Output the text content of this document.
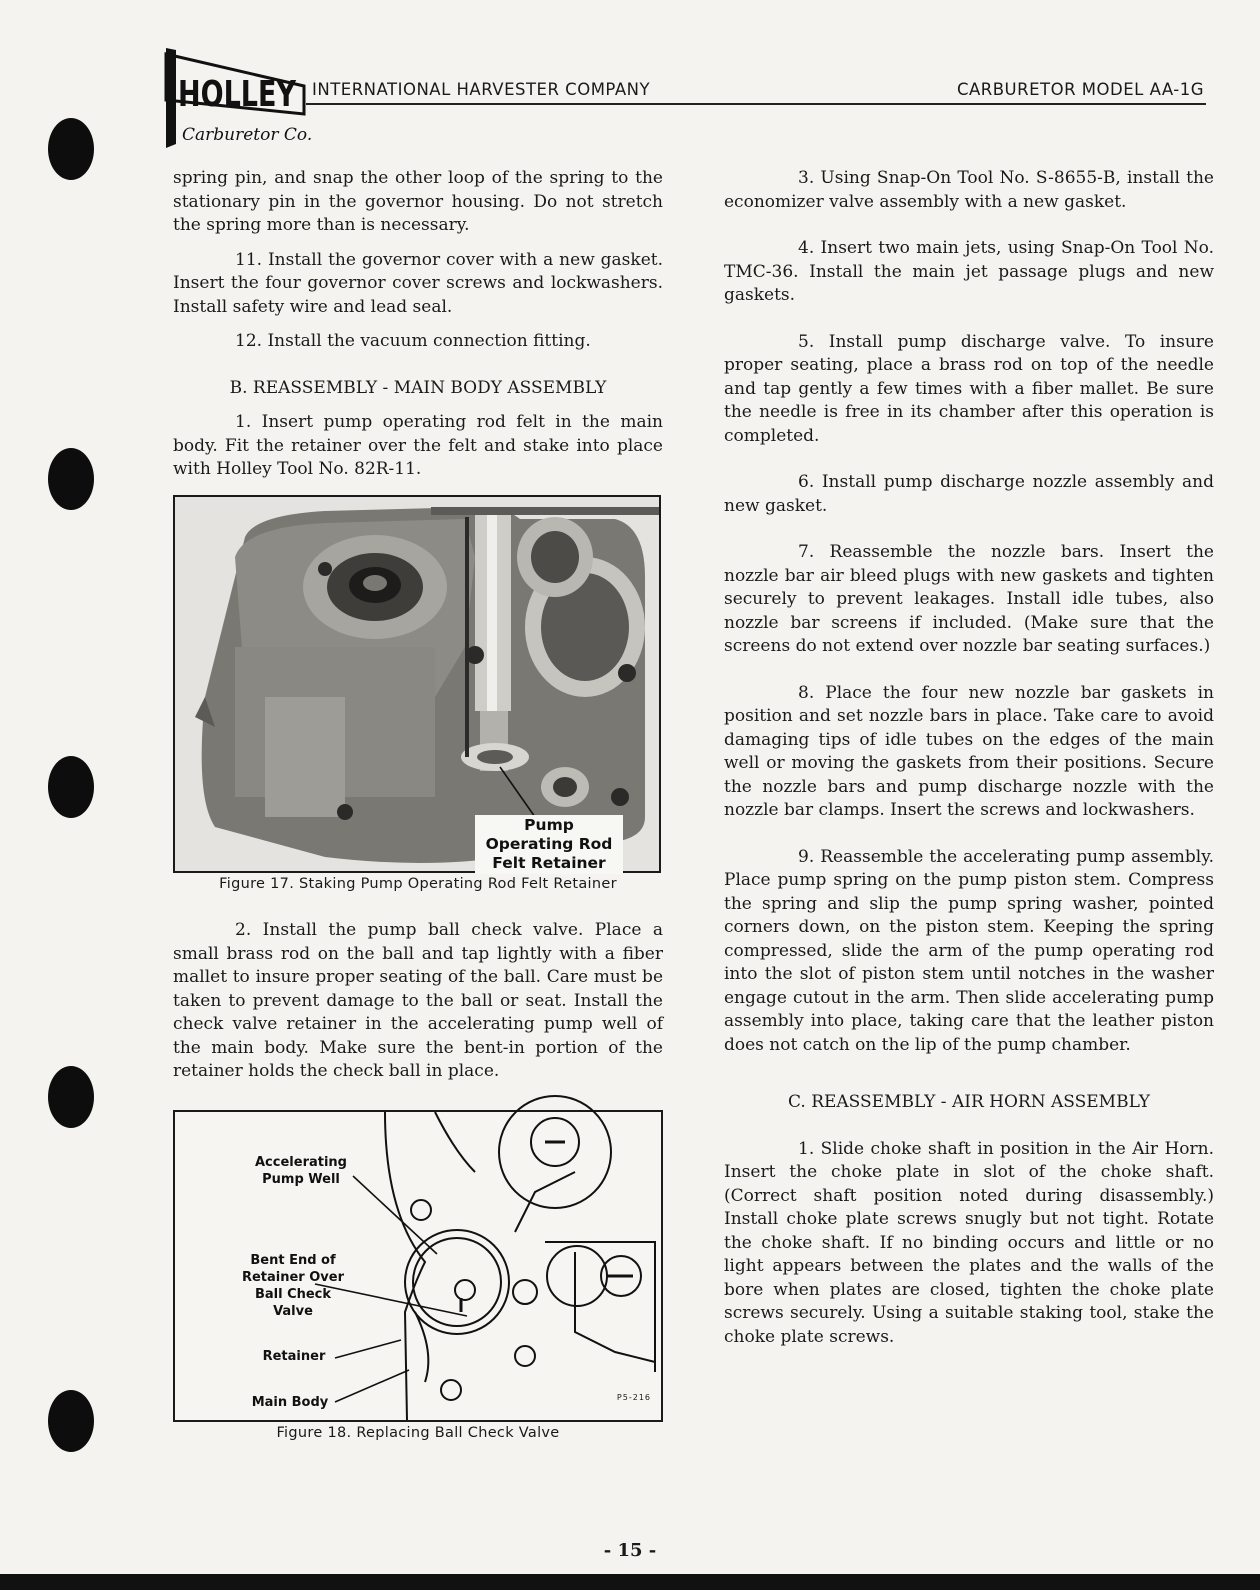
HOLLEY
Carburetor Co.
INTERNATIONAL HARVESTER COMPANY	CARBURETOR MODEL AA-1G

spring pin, and snap the other loop of the spring to the stationary pin in the governor housing. Do not stretch the spring more than is necessary.

11. Install the governor cover with a new gasket. Insert the four governor cover screws and lockwashers. Install safety wire and lead seal.

12. Install the vacuum connection fitting.

B. REASSEMBLY - MAIN BODY ASSEMBLY

1. Insert pump operating rod felt in the main body. Fit the retainer over the felt and stake into place with Holley Tool No. 82R-11.

Pump Operating Rod Felt Retainer

Figure 17. Staking Pump Operating Rod Felt Retainer

2. Install the pump ball check valve. Place a small brass rod on the ball and tap lightly with a fiber mallet to insure proper seating of the ball. Care must be taken to prevent damage to the ball or seat. Install the check valve retainer in the accelerating pump well of the main body. Make sure the bent-in portion of the retainer holds the check ball in place.

Accelerating Pump Well
Bent End of Retainer Over Ball Check Valve
Retainer
Main Body	P5-216

Figure 18. Replacing Ball Check Valve

3. Using Snap-On Tool No. S-8655-B, install the economizer valve assembly with a new gasket.

4. Insert two main jets, using Snap-On Tool No. TMC-36. Install the main jet passage plugs and new gaskets.

5. Install pump discharge valve. To insure proper seating, place a brass rod on top of the needle and tap gently a few times with a fiber mallet. Be sure the needle is free in its chamber after this operation is completed.

6. Install pump discharge nozzle assembly and new gasket.

7. Reassemble the nozzle bars. Insert the nozzle bar air bleed plugs with new gaskets and tighten securely to prevent leakages. Install idle tubes, also nozzle bar screens if included. (Make sure that the screens do not extend over nozzle bar seating surfaces.)

8. Place the four new nozzle bar gaskets in position and set nozzle bars in place. Take care to avoid damaging tips of idle tubes on the edges of the main well or moving the gaskets from their positions. Secure the nozzle bars and pump discharge nozzle with the nozzle bar clamps. Insert the screws and lockwashers.

9. Reassemble the accelerating pump assembly. Place pump spring on the pump piston stem. Compress the spring and slip the pump spring washer, pointed corners down, on the piston stem. Keeping the spring compressed, slide the arm of the pump operating rod into the slot of piston stem until notches in the washer engage cutout in the arm. Then slide accelerating pump assembly into place, taking care that the leather piston does not catch on the lip of the pump chamber.

C. REASSEMBLY - AIR HORN ASSEMBLY

1. Slide choke shaft in position in the Air Horn. Insert the choke plate in slot of the choke shaft. (Correct shaft position noted during disassembly.) Install choke plate screws snugly but not tight. Rotate the choke shaft. If no binding occurs and little or no light appears between the plates and the walls of the bore when plates are closed, tighten the choke plate screws securely. Using a suitable staking tool, stake the choke plate screws.

- 15 -
